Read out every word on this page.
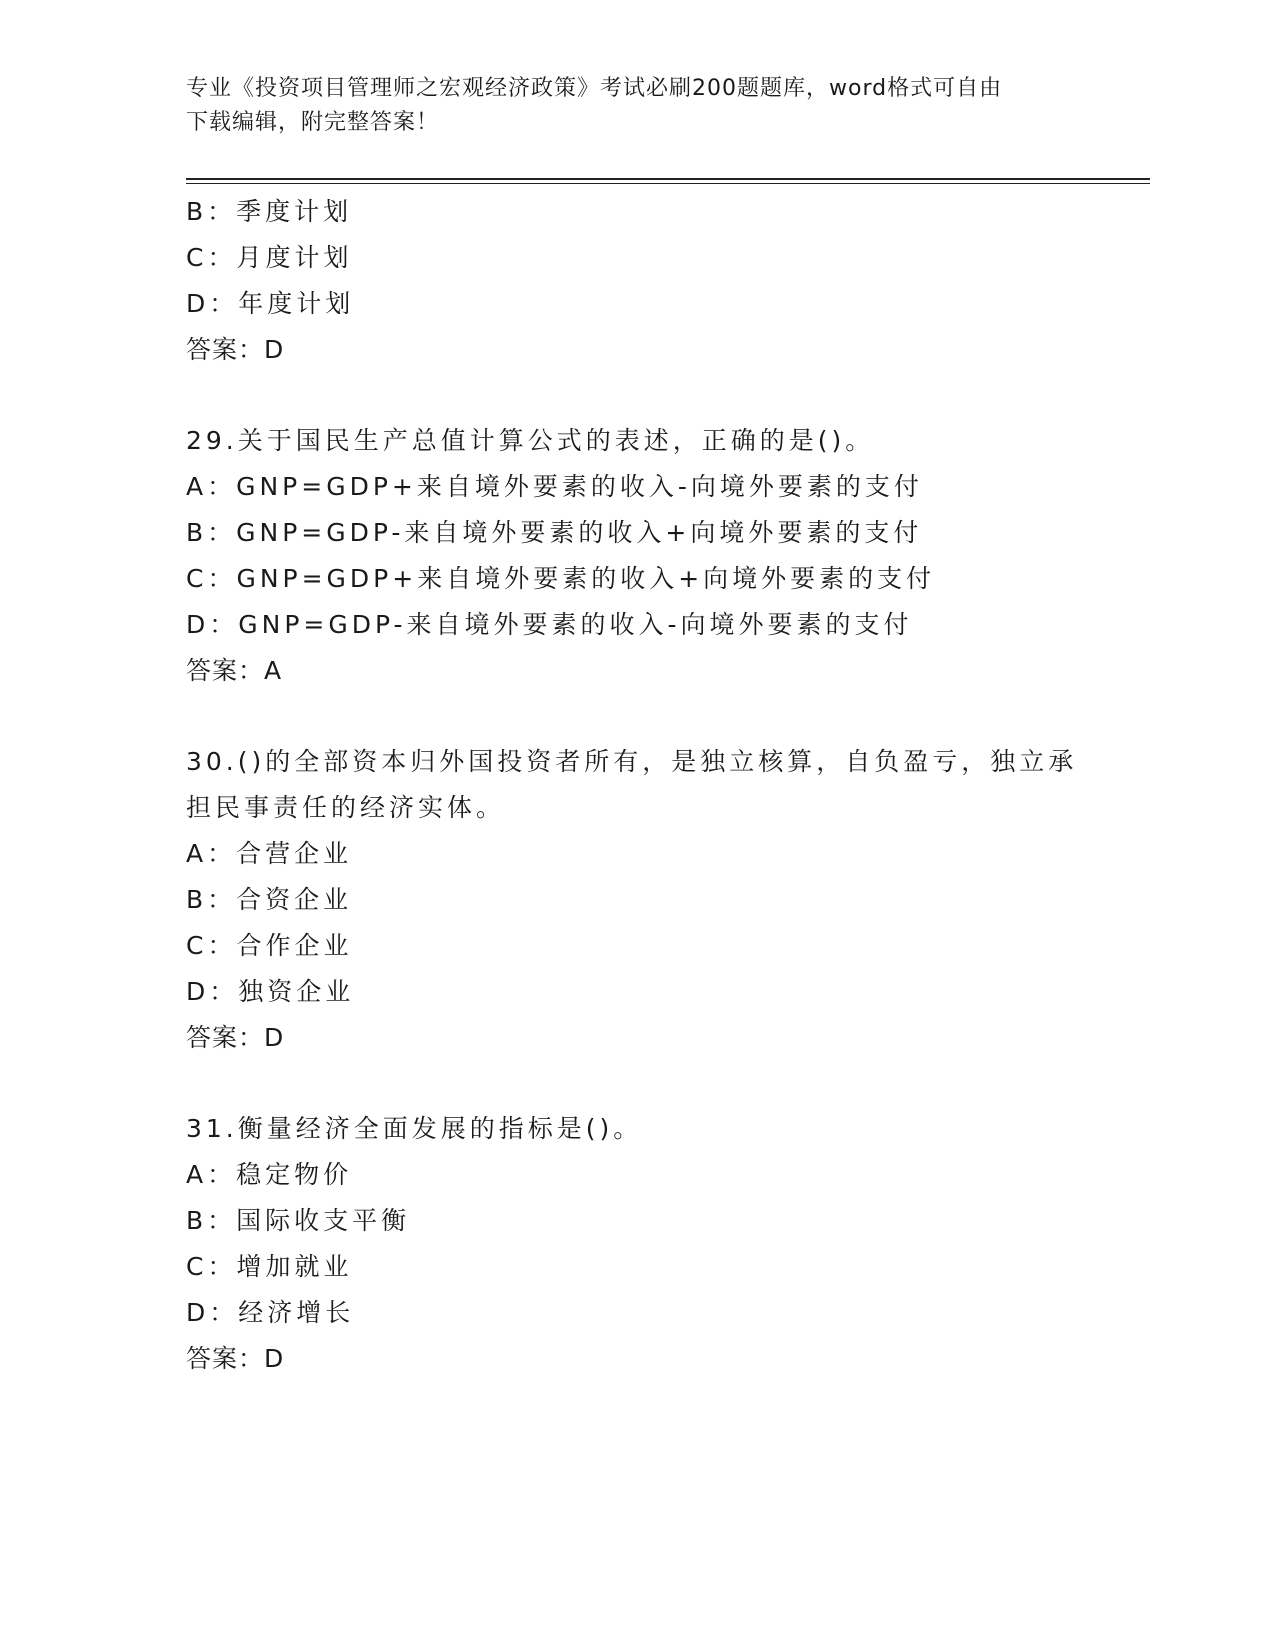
专业《投资项目管理师之宏观经济政策》考试必刷200题题库，word格式可自由
下载编辑，附完整答案！
B：季度计划
C：月度计划
D：年度计划
答案：D
29.关于国民生产总值计算公式的表述，正确的是()。
A：GNP=GDP+来自境外要素的收入-向境外要素的支付
B：GNP=GDP-来自境外要素的收入+向境外要素的支付
C：GNP=GDP+来自境外要素的收入+向境外要素的支付
D：GNP=GDP-来自境外要素的收入-向境外要素的支付
答案：A
30.()的全部资本归外国投资者所有，是独立核算，自负盈亏，独立承
担民事责任的经济实体。
A：合营企业
B：合资企业
C：合作企业
D：独资企业
答案：D
31.衡量经济全面发展的指标是()。
A：稳定物价
B：国际收支平衡
C：增加就业
D：经济增长
答案：D
